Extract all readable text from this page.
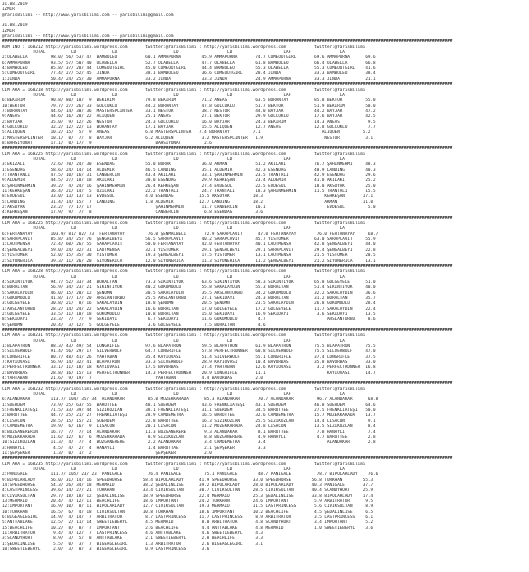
31.08.2019
İZMİR
@YarisBilimi -- http://www.yarisbilimi.com -- yarisbilimi@gmail.com
31.08.2019
İZMİR
@YarisBilimi -- http://www.yarisbilimi.com -- yarisbilimi@gmail.com
################################################################################################################################################################################
KUM 1NO : 168212 http://yarisbilimi.wordpress.com       twitter:@YarisBilimi : http://yarisbilimi.wordpress.com           twitter:@YarisBilimi
TOTAL          LD              LD                      LD                   LD                    LAF                   LA
2:OLABELLA         98.0/ 56/ 53/ 47  BAMBOLEO           60.1 AMMAPURNA        45.9 AMMAPURNA       74.7 COMEOUTGIRL       69.6 AMMAPURNA      69.6
6:AMMAPURNA        93.5/ 57/ 50/ 40  OLABELLA           52.7 OLABELLA         47.7 OLABELLA        61.8 BAMBOLEO          66.4 OLABELLA       66.8
4:BAMBOLEO         85.8/ 37/ 28/ 44  COMEOUTGIRL        45.0 COMEOUTGIRL      44.4 BAMBOLEO        55.3 OLABELLA          55.3 COMEOUTGIRL    41.6
5:COMEOUTGIRL      77.4/ 27/ 52/ 45  JINDA              38.1 BAMBOLEO         36.6 COMEOUTGIRL     28.4 JINDA             33.3 BAMBOLEO       38.4
1:JINDA            50.4/ 24/ 25/ 30  AMMAPURNA          33.2 JINDA            33.3 JINDA           24.9 AMMAPURNA         33.3 JINDA          21.1
################################################################################################################################################################################
CİM ARA = 168218 http://yarisbilimi.wordpress.com       twitter:@YarisBilimi : http://yarisbilimi.wordpress.com           twitter:@YarisBilimi
TOTAL          LD              LD                      LD                   LD                    LAF                   LA
6:BEKİRİM          90.8/ 80/ 10/  9  BEKİRİM            79.8 BEKİRİM          71.2 ANEAS           63.5 BORANTAY          85.8 BEKTOR         55.0
10:BEKTOR          79.7/ 27/ 26/ 33  GOLCUKLU           44.2 BORANTAY         47.8 GOLCUKLU        51.7 BEKTOR            51.9 BEKİRİM        50.0
7:BORANTAY         44.6/ 14/ 30/ 36  MASTERSPLINTER     33.1 NESTOR           38.7 NESTOR          44.0 BAYJAR            44.2 BAYJAR         47.2
9:ANEAS            44.6/ 16/ 28/ 22  ALIQUEN            25.1 ANEAS            27.1 BEKTOR          29.9 GOLCUKLU          17.6 BAYJAR         42.5
2:BAYJAR           35.0/  9/ 12/ 26  NESTOR             24.3 GOLCUKLU         16.0 BAYJAR          24.3 BEKİRİM           14.3 ANEAS           9.5
4:GOLCUKLU         32.2/ 12/ 22/ 13  BORANTAY           17.1 BAYJAR           15.5 ALIQUEN         12.7 ANEAS             12.8 GOLCUKLU        7.7
5:ALIQUEN          10.2/ 15/  5/  9  ANEAS              6.8 MASTERSPLINTER   7.4 BORANTAY         7.1                        ALIQUEN         5.2
1:MASTERSPLINTER   10.1/  0/  7/  8  BAYJAR             6.2 ALIQUEN           3.2 MASTERSPLINTER   1.9                        NESTOR          3.1
8:BAHSIYONAT       17.1/  0/ 17/  9                         BAHSIYONAT         2.6
################################################################################################################################################################################
CİM ARA = 168225 http://yarisbilimi.wordpress.com       twitter:@YarisBilimi : http://yarisbilimi.wordpress.com           twitter:@YarisBilimi
TOTAL          LD              LD                      LD                   LD                    LAF                   LA
3:EKIZALI          72.6/ 70/ 24/ 30  ESENDAG            55.0 BURAK            36.0 AKMAN           51.2 AKILAKI           76.7 ŞAHİNMEHMİ     48.3
1:ESENDAG          58.6/ 24/ 14/ 14  ALDEMİR            46.5 LANDING          35.1 ALDEMİR         42.3 ESENDAG           48.9 LANDING        40.3
7:TRANTANLI        47.5/ 10/ 16/ 31  CANBERCİN          43.4 AKILAKI          33.1 ŞAHİNMEHMİN     23.5 TRANTALI          42.9 ESENDAG        29.6
9:ALDEMİR          44.5/ 27/ 18/ 18  AKILAKI            30.0 ESENDAG          29.9 KEHKEŞAN        23.4 ALDEMİR           41.8 AKILAKI        25.2
6:ŞAHİNMEHMİN      39.2/  4/ 24/ 16  ŞAHİNMEHMİN        26.4 KEHKEŞAN         27.4 EVDESUL         22.5 EVDESUL           18.0 AKSOYAK        25.0
11:KEHKEŞAN        36.4/ 21/ 14/  5  ÖZILAKI            22.2 TRANTALI         24.7 TRANTALI        18.3 ŞAHİNMEHMİN       11.5 TRANTALI       15.5
8:EVDESUL          33.0/ 13/ 13/ 13  EVDESUL            4.0 ESENDAĞ          15.5 AKSOYAK         18.3                        KEHKEŞAN       17.1
5:LANDING          31.4/ 14/ 15/  7  LANDING            1.8 ALDEMİR          12.7 LANDING         18.2                        AKMAN          11.0
2:AKSOYAK          23.2/  7/ 17/ 17                         ŞAHİNMEHMİN       11.7 CANBERCİN       10.1                        EVDESUL         5.0
4:KEHKEŞAN         17.9/  9/  7/  8                         CANBERCİN          6.8 ESENDAĞ         3.6
################################################################################################################################################################################
CİM ARA = 168225 http://yarisbilimi.wordpress.com       twitter:@YarisBilimi : http://yarisbilimi.wordpress.com           twitter:@YarisBilimi
TOTAL          LD              LD                      LD                   LD                    LAF                   LA
6:FERTANAYAY       103.9/ 81/ 82/ 73  FERTANAYAY         76.0 ŞENMALBELI       72.9 SARAPCAVIT      47.0 FERTANAYAY        76.0 FERTANAYAY     68.7
8:SARAPCAVIT       85.8/ 34/ 25/ 76  ŞENGALBEYI         56.5 SARAPCAVIT       40.2 SARAPCAVIT      45.7 YISTOMER          63.0 SARAPCAVIT     55.9
1:LAUTMENSA        72.4/ 60/ 26/ 55  SARAPCAVIT         50.0 FERTANAYAY       42.0 FERTANAYAY      40.1 LAUTMENSA         42.8 ŞENGALBEYI     44.0
4:ŞENGALBEYI       59.0/ 24/ 32/ 31  LAUTMENSA          32.1 YISTOMER         29.1 ŞENGALBEYI      29.1 SARAPCAVIT        29.4 ŞENGALBEYI     22.8
5:YISTOMER         52.0/ 15/ 35/ 30  YISTOMER           19.3 ŞENGALBEYI       17.5 YISTOMER        13.1 LAUTMENSA         21.5 YISTOMER       20.5
2:SIYONERICA       39.3/ 11/ 26/ 20  SIYONERICA         12.0 SIYONERICA       11.3 SIYONERICA      11.2 ŞENGALBEYI        21.2 SIYONERICA     13.1
################################################################################################################################################################################
CİM ARA = 168228 http://yarisbilimi.wordpress.com       twitter:@YarisBilimi : http://yarisbilimi.wordpress.com           twitter:@YarisBilimi
TOTAL          LD              LD                      LD                   LD                    LAF                   LA
4:SIKINTIYOK       94.7/ 52/ 33/ 34  BORALTAN           73.3 SIKINTIYOK       63.6 SIKINTIYOK      58.3 SIKINTIYOK        65.8 GOLGEYELE      51.0
6:BORALTAN         56.9/ 34/ 23/ 21  SIKINTIYOK         40.2 GOKOMODLU        55.8 SAKALAYDIN      55.3 BORALTAN          51.4 SIKINTIYOK     40.0
5:SAKALAYDIN       46.0/ 15/ 20/ 12  ŞENOMN             30.5 SAKALAYDIN       35.5 ARSLANTURBO     34.2 GOKOMODLU         32.2 SAKALAYDIN     36.6
7:GOKOMODLU        41.8/ 17/ 17/ 20  ARSLANTURBO        25.5 ARSLANTURBO      27.1 SEKIDAYI        24.3 BORALTAN          31.2 BORALTAN       35.7
3:GOLGEYELE        30.8/ 21/  8/ 16  SAKALAYDIN         18.8 ŞENOMN           20.5 ŞENOMN          23.5 SAKALAYDIN        26.8 GOKOMODLU      28.4
1:ARSLANTURBO      28.2/ 14/ 24/ 22  SAKALAYDIN         16.6 BORALTAN         17.0 GOLGEYELE       17.2 GOLGEYELE         11.7 SAKALAYDIN     22.4
2:GOLGEYELE        33.5/ 11/ 18/ 18  GOKOMODLU          10.8 BORALTAN         15.0 SEKIDAYI        16.9 SEKIDAYI           3.6 SEKIDAYI       13.5
8:SEKIDAYI         23.3/  7/  7/  9  SEKIDAYI            6.7 SEKIDAYI         11.6 GOKOMODLU        4.7                        ARSLANTURBO     8.6
9:ŞENOMN           20.4/  3/ 12/  5  GOLGEYELE           3.6 GOLGEYELE         7.5 BORALTAN         4.6
################################################################################################################################################################################
CİM ARA = 168231 http://yarisbilimi.wordpress.com       twitter:@YarisBilimi : http://yarisbilimi.wordpress.com           twitter:@YarisBilimi
TOTAL          LD              LD                      LD                   LD                    LAF                   LA
1:BLAPATRON        88.3/ 43/ 49/ 54  LONGRIFLE          97.6 BLAPATRON        59.5 BLAPATRON       61.9 BLAPATRON         75.5 BLAPATRON      75.5
5:SILVERWOLF       91.4/ 56/ 29/ 17  SILVERWOLF         64.7 LONGRIFLE        57.8 PERFECTRUNNER   60.8 SILVERWOLF        75.5 SILVERWOLF     47.0
8:LONGRIFLE        80.7/ 48/ 41/ 26  YAHTABAN           35.4 KAYIOVASI        51.4 SILVERWOLF      55.1 LONGRIFLE         37.4 LONGRIFLE      37.5
7:KAYIOVASI        56.9/ 14/ 32/ 41  BLAPATRON          33.3 SILVERWOLF       28.9 KAYIOVASI       10.4 BAVORBAS          35.8 BAVORBAS       33.0
3:PERFECTRUNNER    33.1/ 11/ 18/ 18  KAYIOVASI          17.5 BAVORBAS         27.4 YAHTABAN        12.6 KAYIOVASI          3.2 PERFECTRUNNER  16.8
2:BAVORBAS         28.8/ 16/ 15/ 13  PERFECTRUNNER      14.3 PERFECTRUNNER    20.9 LONGRIFLE       11.1                        KAYIOVASI      14.7
4:YAHTABAN         21.6/  9/ 19/  7                         YAHTABAN          4.4 BAVORBAS         2.0
################################################################################################################################################################################
CİM ARA = 168232 http://yarisbilimi.wordpress.com       twitter:@YarisBilimi : http://yarisbilimi.wordpress.com           twitter:@YarisBilimi
TOTAL          LD              LD                      LD                   LD                    LAF                   LA
6:ALANDAKAR        113.7/ 104/ 35/ 34  ALANDAKAR         85.0 MUZEKKARADA      85.3 ALANDAKAR       70.7 ALANDAKAR         96.7 ALANDAKAR      68.8
1:SUERDEM          73.9/ 25/ 63/ 55  BAROTTEE           48.1 SUERDEM          43.6 FRENKLİATEŞİ    43.1 SUERDEM           46.8 SUERDEM        64.6
5:FRENKLİATEŞİ     71.5/ 33/ 39/ 44  SIZIKOZLAN         38.1 FRENKLİATEŞİ     31.1 SUERDEM         34.5 BAROTTEE          27.5 FRENKLİATEŞİ   50.0
2:BAROTTEE         44.7/ 25/ 21/ 27  FRENKLİATEŞİ       28.9 CAMDEMETRA       16.5 BAROTTEE        32.6 CAMDEMETRA        15.7 MUZEKKARADA    13.7
4:LISACON          28.5/ 15/ 15/ 21  SUERDEM            22.8 BAROTTEE         16.3 SIZIKOZLAN      25.5 SIZIKOZLAN        14.4 LISACON         9.1
7:CAMDEMETRA       19.9/  6/ 16/  9  LISACON            20.1 LISACON          11.2 MUZEKKARADA     24.8 LISACON           13.5 SIZIKOZLAN      8.4
8:BUZGANERERIN     16.7/  7/  7/ 14  ALANDAKAR          11.3 BUZGANERERE       9.3 ALANDAKAR        8.1 BAROTTEE           7.8 HANAYLI         7.4
9:MUZEKKARADA      11.6/ 12/  6/  6  MUZEKKARADA         8.9 SIZIKOZLAN        8.8 BUZGANERERE      4.9 HANAYLI            4.7 BAROTTEE        2.8
10:SIZIKOZLAN      11.3/  4/  7/  4  BUZGANERERE         2.2 ALANDAKAR         3.4 CAMDEMETRA       3.4                        ALANDAKAR       2.8
3:HANAYLI           4.5/  4/  2/  4  HANAYLI             1.4 BAROTTAE          2.1 ŞEPŞEKER         3.3
11:ŞEPŞEKER         1.3/  0/  1/  2                         ŞEPŞEKER           2.0
################################################################################################################################################################################
CİM ARA = 168235 http://yarisbilimi.wordpress.com       twitter:@YarisBilimi : http://yarisbilimi.wordpress.com           twitter:@YarisBilimi
TOTAL          LD              LD                      LD                   LD                    LAF                   LA
2:PANIGALE         111.7/ 105/ 23/ 23  PANIGALE          76.4 PANIGALE         75.1 PANIGALE        48.7 PANIGALE          78.7 BIPOLARLADY    76.6
9:BIPOLARLADY      56.0/ 31/ 14/ 16  SPEEDHORSE        58.4 BIPOLARLADY      41.9 SPEEDHORSE      33.0 SPEEDHORSE        56.8 TURKHAN        55.3
14:SPEEDHORSE      54.3/ 26/ 34/ 18  MERMAID           38.2 ŞEDALINLISE      39.2 BIPOLARLADY     28.0 BIPOLARLADY       40.3 PANIGALE       37.7
4:LASTPRINCESS     39.6/ 14/ 27/ 21  TURKHAN           33.4 CIVIKSULTAN      30.7 CIVIKSULTAN     28.5 CIVIKSULTAN       40.4 SCANDYHORT     25.9
8:CIVIKSULTAN      29.7/ 18/ 18/ 12  ŞEDALINLISE       18.9 SPEEDHORSE       22.4 MERMAID         25.3 ŞEDALINLISE       33.8 BIPOLARLADY    17.4
13:MERMAID         20.4/  4/ 12/ 11  BEACHLIFE         18.6 IMPORTANT        24.2 TURKHAN         24.6 IMPORTANT          5.9 ARBITRATOR      9.5
12:IMPORTANT       16.9/ 10/  8/ 11  BIPOLARLADY       12.7 CIVIKSULTAN      19.3 MERMAID         11.5 LASTPRINCESS       5.6 CIVIKSULTAN     8.9
10:TURKHAN         16.5/  6/  4/ 18  CIVIKSULTAN       10.8 TURKHAN          18.6 IMPORTANT       10.2 BEACHLIFE          4.5 ŞEDALINLISE     6.5
6:BIGEAGLEGIRL     14.9/  4/ 14/  7  ARBITRATOR         8.7 LASTPRINCESS     11.7 LASTPRINCESS     8.9 ARBITRATOR         3.5 LASTPRINCESS    6.1
5:ANTTABLAKE       12.5/  2/ 11/ 14  SWEETIEBERYL       4.5 MERMAID           8.0 ARBITRATOR       4.8 SCANDYHORT         3.4 IMPORTANT       5.2
15:BEACHLIFE       10.2/  8/  8/  7  IMPORTANT          2.6 BEACHLIFE         4.4 ANTTABLAKE       4.8 MERMAID            1.0 SWEETIEBERYL    3.6
11:ARBITRATOR       9.4/  4/ 12/  7  LASTPRINCESS       4.6 ANTTABLAKE        4.6 SWEETIEBERYL     4.3
3:SCANDYHORT        8.9/  3/  5/  8  ANTTABLAKE         2.1 SWEETIEBERYL      2.8 BEACHLIFE        3.3
1:ŞEDALINLISE       5.5/  0/  3/  7  BIGEAGLEGIRL       1.3 ARBITRATOR        2.6 BIGEAGLEGIRL     3.1
10:SWEETIEBERYL     2.0/  3/  0/  3  BIGEAGLEGIRL       0.9 LASTPRINCESS      3.6
